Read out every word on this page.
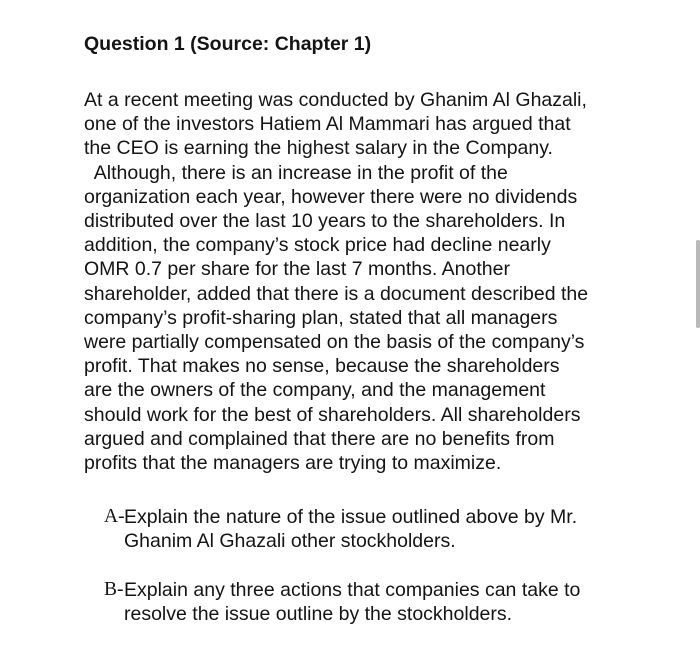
Question 1 (Source: Chapter 1)

At a recent meeting was conducted by Ghanim Al Ghazali,
one of the investors Hatiem Al Mammari has argued that
the CEO is earning the highest salary in the Company.
Although, there is an increase in the profit of the
organization each year, however there were no dividends
distributed over the last 10 years to the shareholders. In
addition, the company’s stock price had decline nearly
OMR 0.7 per share for the last 7 months. Another
shareholder, added that there is a document described the
company’s profit-sharing plan, stated that all managers
were partially compensated on the basis of the company’s
profit. That makes no sense, because the shareholders
are the owners of the company, and the management
should work for the best of shareholders. All shareholders
argued and complained that there are no benefits from
profits that the managers are trying to maximize.

A- Explain the nature of the issue outlined above by Mr. Ghanim Al Ghazali other stockholders.
B- Explain any three actions that companies can take to resolve the issue outline by the stockholders.
